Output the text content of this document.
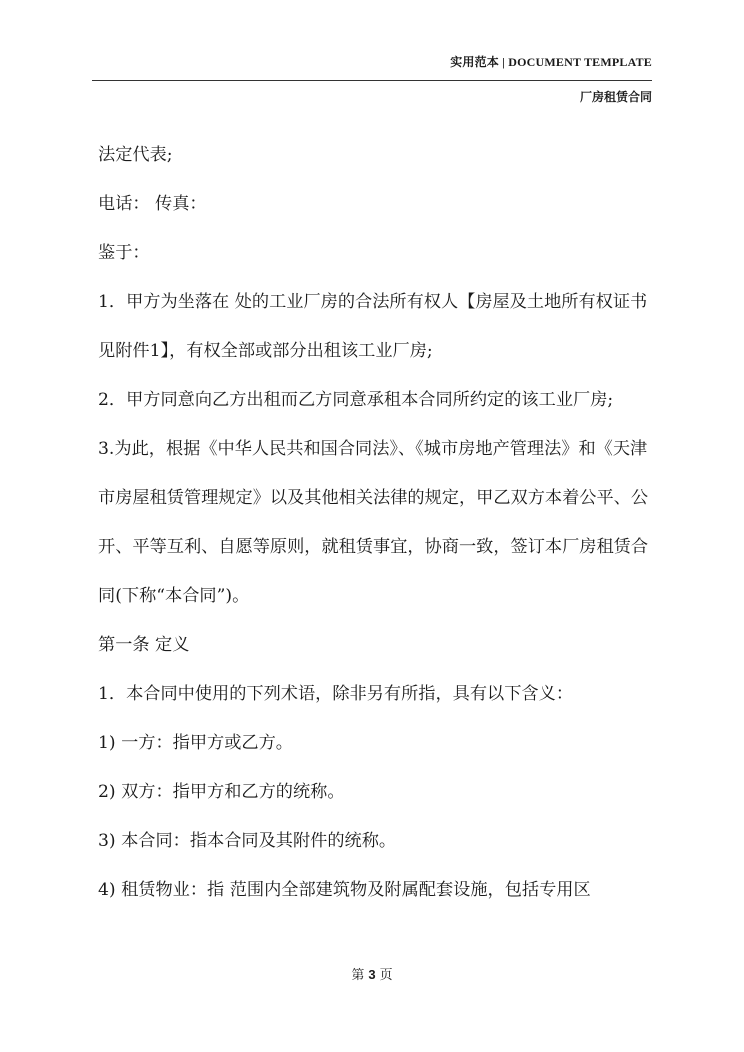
实用范本 | DOCUMENT TEMPLATE
厂房租赁合同

法定代表;

电话： 传真：

鉴于：

1．甲方为坐落在 处的工业厂房的合法所有权人【房屋及土地所有权证书见附件1】，有权全部或部分出租该工业厂房;

2．甲方同意向乙方出租而乙方同意承租本合同所约定的该工业厂房;

3.为此，根据《中华人民共和国合同法》、《城市房地产管理法》和《天津市房屋租赁管理规定》以及其他相关法律的规定，甲乙双方本着公平、公开、平等互利、自愿等原则，就租赁事宜，协商一致，签订本厂房租赁合同(下称“本合同”)。

第一条 定义

1．本合同中使用的下列术语，除非另有所指，具有以下含义：

1) 一方：指甲方或乙方。

2) 双方：指甲方和乙方的统称。

3) 本合同：指本合同及其附件的统称。

4) 租赁物业：指 范围内全部建筑物及附属配套设施，包括专用区

第 3 页
